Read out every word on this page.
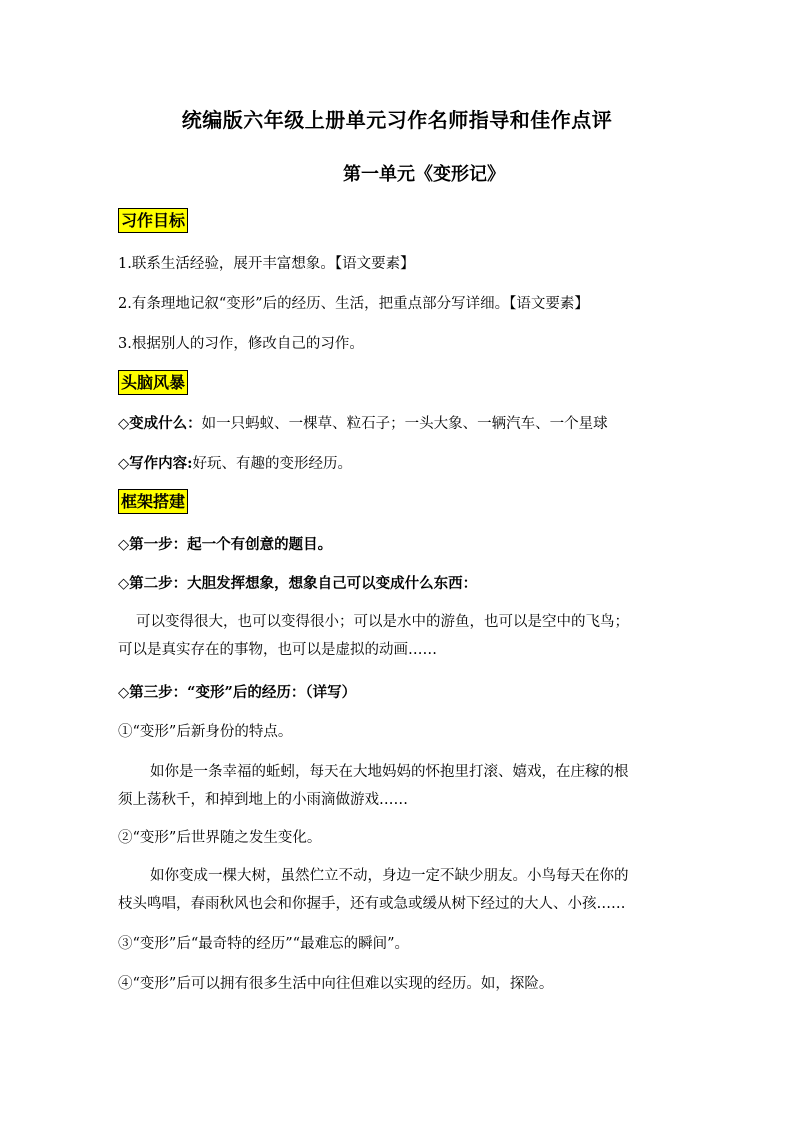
统编版六年级上册单元习作名师指导和佳作点评
第一单元《变形记》
习作目标
1.联系生活经验，展开丰富想象。【语文要素】
2.有条理地记叙“变形”后的经历、生活，把重点部分写详细。【语文要素】
3.根据别人的习作，修改自己的习作。
头脑风暴
◇变成什么：如一只蚂蚁、一棵草、粒石子；一头大象、一辆汽车、一个星球
◇写作内容:好玩、有趣的变形经历。
框架搭建
◇第一步：起一个有创意的题目。
◇第二步：大胆发挥想象，想象自己可以变成什么东西：
可以变得很大，也可以变得很小；可以是水中的游鱼，也可以是空中的飞鸟；
可以是真实存在的事物，也可以是虚拟的动画……
◇第三步：“变形”后的经历：（详写）
①“变形”后新身份的特点。
如你是一条幸福的蚯蚓，每天在大地妈妈的怀抱里打滚、嬉戏，在庄稼的根
须上荡秋千，和掉到地上的小雨滴做游戏……
②“变形”后世界随之发生变化。
如你变成一棵大树，虽然伫立不动，身边一定不缺少朋友。小鸟每天在你的
枝头鸣唱，春雨秋风也会和你握手，还有或急或缓从树下经过的大人、小孩……
③“变形”后“最奇特的经历”“最难忘的瞬间”。
④“变形”后可以拥有很多生活中向往但难以实现的经历。如，探险。
